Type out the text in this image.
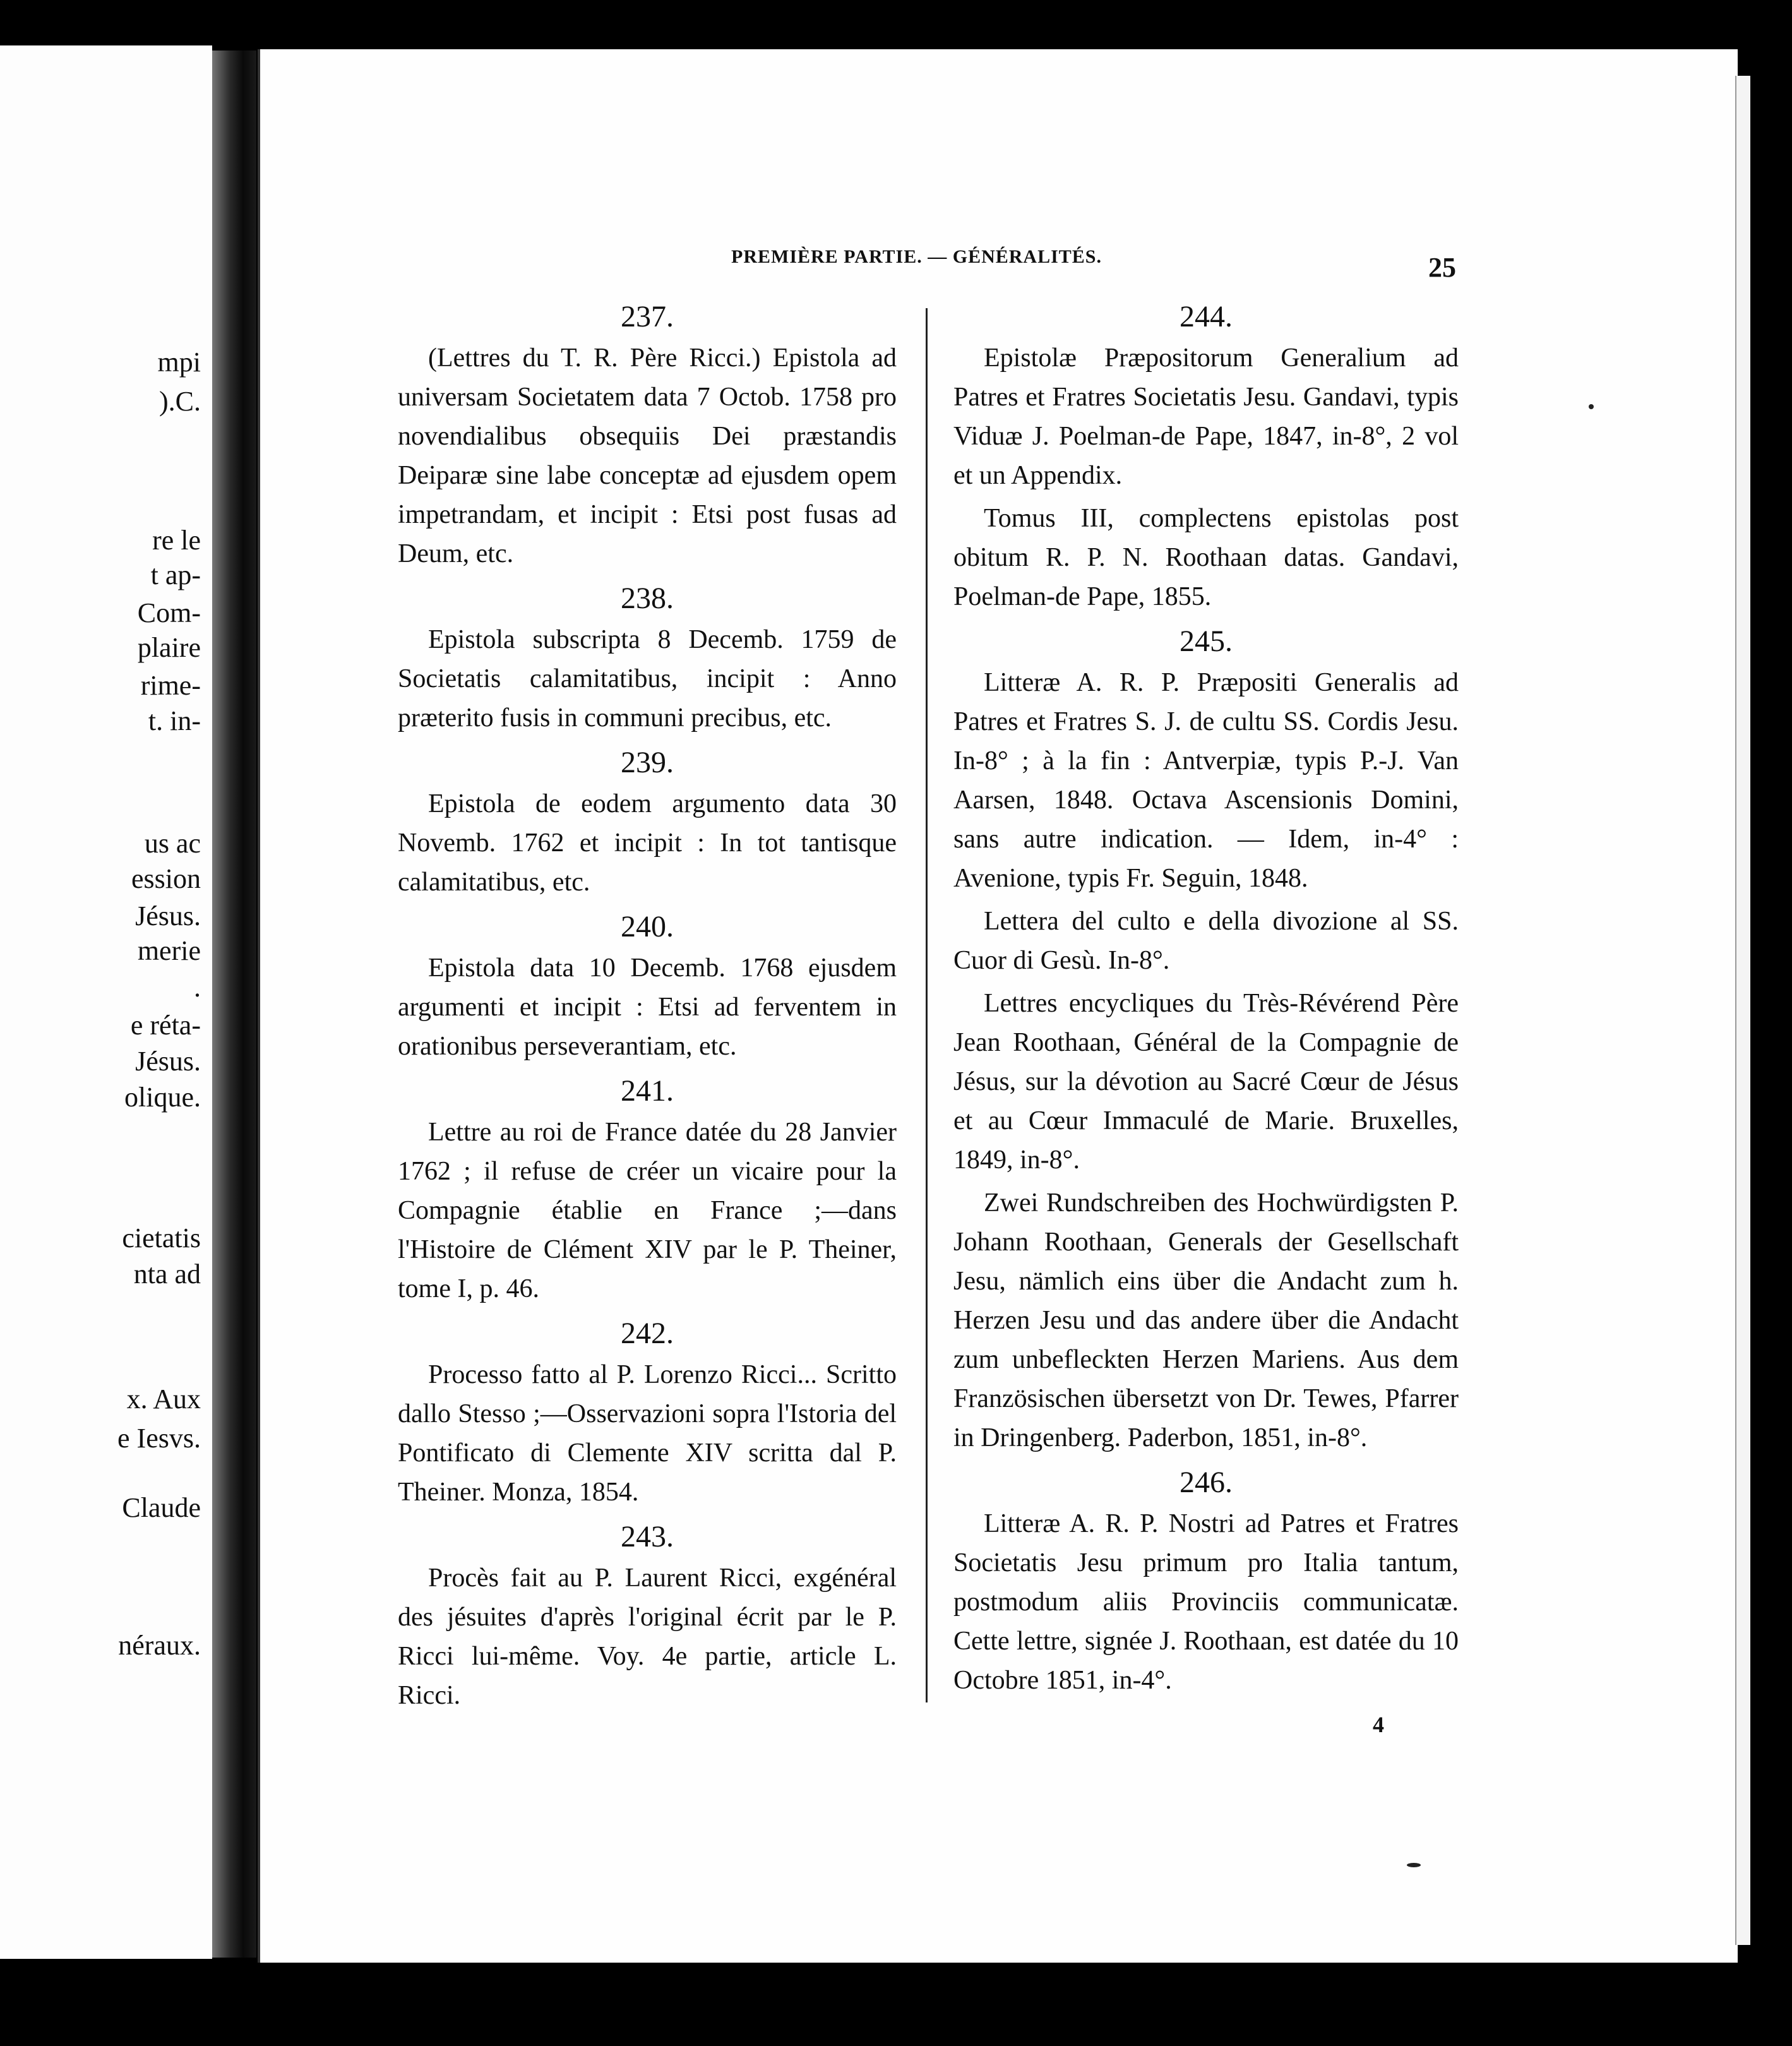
mpi
).C.
re le
t ap-
Com-
plaire
rime-
t. in-
us ac
ession
Jésus.
merie
.
e réta-
Jésus.
olique.
cietatis
nta ad
x. Aux
e Iesvs.
Claude
néraux.
PREMIÈRE PARTIE. — GÉNÉRALITÉS.	25

237.

(Lettres du T. R. Père Ricci.) Epistola ad universam Societatem data 7 Octob. 1758 pro novendialibus obsequiis Dei præstandis Deiparæ sine labe conceptæ ad ejusdem opem impetrandam, et incipit : Etsi post fusas ad Deum, etc.

238.

Epistola subscripta 8 Decemb. 1759 de Societatis calamitatibus, incipit : Anno præterito fusis in communi precibus, etc.

239.

Epistola de eodem argumento data 30 Novemb. 1762 et incipit : In tot tantisque calamitatibus, etc.

240.

Epistola data 10 Decemb. 1768 ejusdem argumenti et incipit : Etsi ad ferventem in orationibus perseverantiam, etc.

241.

Lettre au roi de France datée du 28 Janvier 1762 ; il refuse de créer un vicaire pour la Compagnie établie en France ;—dans l'Histoire de Clément XIV par le P. Theiner, tome I, p. 46.

242.

Processo fatto al P. Lorenzo Ricci... Scritto dallo Stesso ;—Osservazioni sopra l'Istoria del Pontificato di Clemente XIV scritta dal P. Theiner. Monza, 1854.

243.

Procès fait au P. Laurent Ricci, exgénéral des jésuites d'après l'original écrit par le P. Ricci lui-même. Voy. 4e partie, article L. Ricci.

244.

Epistolæ Præpositorum Generalium ad Patres et Fratres Societatis Jesu. Gandavi, typis Viduæ J. Poelman-de Pape, 1847, in-8°, 2 vol et un Appendix.

Tomus III, complectens epistolas post obitum R. P. N. Roothaan datas. Gandavi, Poelman-de Pape, 1855.

245.

Litteræ A. R. P. Præpositi Generalis ad Patres et Fratres S. J. de cultu SS. Cordis Jesu. In-8° ; à la fin : Antverpiæ, typis P.-J. Van Aarsen, 1848. Octava Ascensionis Domini, sans autre indication. — Idem, in-4° : Avenione, typis Fr. Seguin, 1848.

Lettera del culto e della divozione al SS. Cuor di Gesù. In-8°.

Lettres encycliques du Très-Révérend Père Jean Roothaan, Général de la Compagnie de Jésus, sur la dévotion au Sacré Cœur de Jésus et au Cœur Immaculé de Marie. Bruxelles, 1849, in-8°.

Zwei Rundschreiben des Hochwürdigsten P. Johann Roothaan, Generals der Gesellschaft Jesu, nämlich eins über die Andacht zum h. Herzen Jesu und das andere über die Andacht zum unbefleckten Herzen Mariens. Aus dem Französischen übersetzt von Dr. Tewes, Pfarrer in Dringenberg. Paderbon, 1851, in-8°.

246.

Litteræ A. R. P. Nostri ad Patres et Fratres Societatis Jesu primum pro Italia tantum, postmodum aliis Provinciis communicatæ. Cette lettre, signée J. Roothaan, est datée du 10 Octobre 1851, in-4°.

4
